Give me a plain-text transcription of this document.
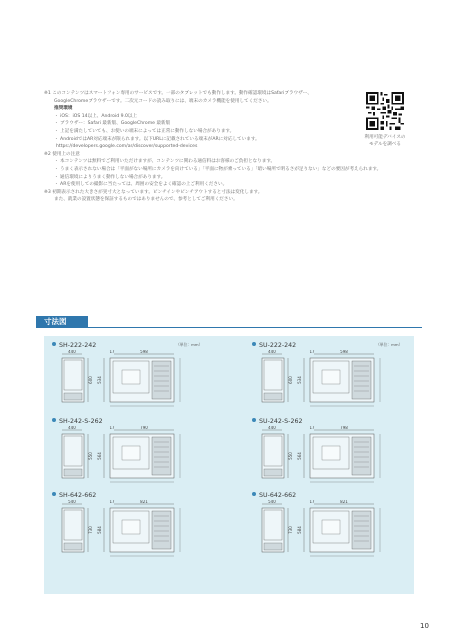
※1 このコンテンツはスマートフォン専用のサービスです。一部のタブレットでも動作します。動作確認環境はSafariブラウザー、
GoogleChromeブラウザーです。二次元コードの読み取りには、端末のカメラ機能を使用してください。
推奨環境
・ iOS：iOS 14以上、Android 9.0以上
・ ブラウザー：Safari 最新版、GoogleChrome 最新版
・ 上記を満たしていても、お使いの端末によっては正常に動作しない場合があります。
・ AndroidではAR対応端末が限られます。以下URLに記載されている端末がARに対応しています。
https://developers.google.com/ar/discover/supported-devices
※2 使用上の注意
・ 本コンテンツは無料でご利用いただけますが、コンテンツに関わる通信料はお客様のご負担となります。
・ うまく表示されない場合は「平面がない場所にカメラを向けている」「平面に物が乗っている」「暗い場所で明るさが足りない」などの要因が考えられます。
・ 通信環境によりうまく動作しない場合があります。
・ ARを使用しての撮影に当たっては、周囲の安全をよく確認の上ご利用ください。
※3 初期表示された大きさが実寸大となっています。ピンチインやピンチアウトすると寸法は変化します。
また、就業の設置状態を保証するものではありませんので、参考としてご利用ください。
利用可能デバイスの
モデルを調べる
寸法図
SH-222-242	（単位：mm）
440
600
598
17
534
SU-222-242	（単位：mm）
440
600
598
17
534
SH-242-S-262
440
550
790
17
564
SU-242-S-262
440
550
798
17
564
SH-642-662
540
730
821
17
584
SU-642-662
540
730
821
17
584
10
